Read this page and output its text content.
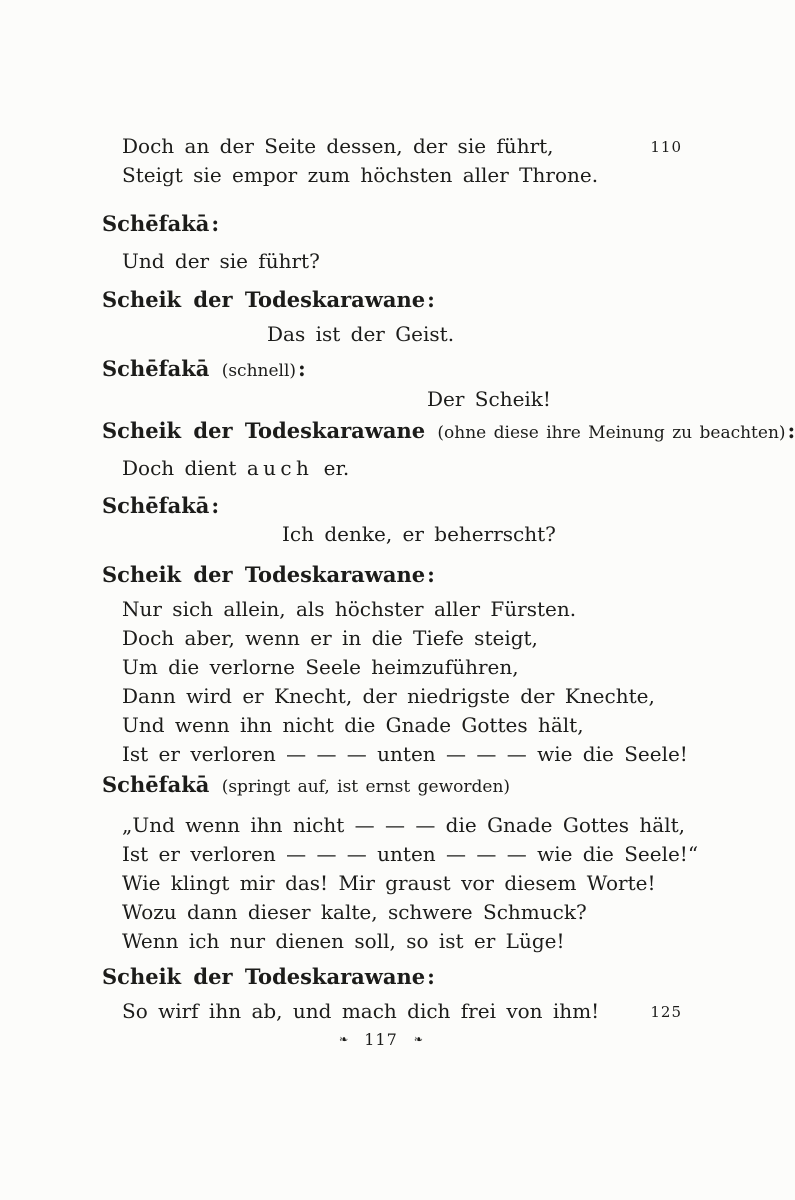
Doch an der Seite dessen, der sie führt,	110
Steigt sie empor zum höchsten aller Throne.
Schēfakā:
Und der sie führt?
Scheik der Todeskarawane:
Das ist der Geist.
Schēfakā (schnell):
Der Scheik!
Scheik der Todeskarawane (ohne diese ihre Meinung zu beachten):
Doch dient auch er.
Schēfakā:
Ich denke, er beherrscht?
Scheik der Todeskarawane:
Nur sich allein, als höchster aller Fürsten.
Doch aber, wenn er in die Tiefe steigt,
Um die verlorne Seele heimzuführen,
Dann wird er Knecht, der niedrigste der Knechte,
Und wenn ihn nicht die Gnade Gottes hält,
Ist er verloren — — — unten — — — wie die Seele!
Schēfakā (springt auf, ist ernst geworden)
„Und wenn ihn nicht — — — die Gnade Gottes hält,
Ist er verloren — — — unten — — — wie die Seele!“
Wie klingt mir das! Mir graust vor diesem Worte!
Wozu dann dieser kalte, schwere Schmuck?
Wenn ich nur dienen soll, so ist er Lüge!
Scheik der Todeskarawane:
So wirf ihn ab, und mach dich frei von ihm!	125
❧ 117 ❧
